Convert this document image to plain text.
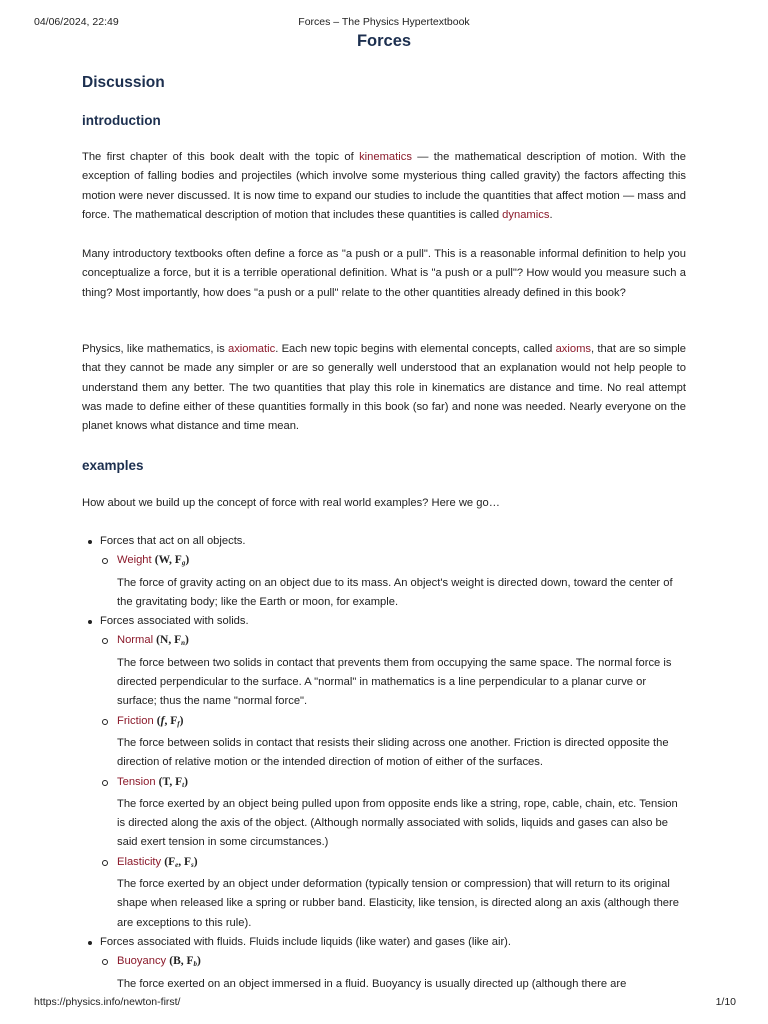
04/06/2024, 22:49	Forces – The Physics Hypertextbook
Forces
Discussion
introduction

The first chapter of this book dealt with the topic of kinematics — the mathematical description of motion. With the exception of falling bodies and projectiles (which involve some mysterious thing called gravity) the factors affecting this motion were never discussed. It is now time to expand our studies to include the quantities that affect motion — mass and force. The mathematical description of motion that includes these quantities is called dynamics.

Many introductory textbooks often define a force as "a push or a pull". This is a reasonable informal definition to help you conceptualize a force, but it is a terrible operational definition. What is "a push or a pull"? How would you measure such a thing? Most importantly, how does "a push or a pull" relate to the other quantities already defined in this book?

Physics, like mathematics, is axiomatic. Each new topic begins with elemental concepts, called axioms, that are so simple that they cannot be made any simpler or are so generally well understood that an explanation would not help people to understand them any better. The two quantities that play this role in kinematics are distance and time. No real attempt was made to define either of these quantities formally in this book (so far) and none was needed. Nearly everyone on the planet knows what distance and time mean.

examples

How about we build up the concept of force with real world examples? Here we go…

Forces that act on all objects.
Weight (W, $F_g$)
The force of gravity acting on an object due to its mass. An object's weight is directed down, toward the center of the gravitating body; like the Earth or moon, for example.
Forces associated with solids.
Normal (N, $F_n$)
The force between two solids in contact that prevents them from occupying the same space. The normal force is directed perpendicular to the surface. A "normal" in mathematics is a line perpendicular to a planar curve or surface; thus the name "normal force".
Friction (f, $F_f$)
The force between solids in contact that resists their sliding across one another. Friction is directed opposite the direction of relative motion or the intended direction of motion of either of the surfaces.
Tension (T, $F_t$)
The force exerted by an object being pulled upon from opposite ends like a string, rope, cable, chain, etc. Tension is directed along the axis of the object. (Although normally associated with solids, liquids and gases can also be said exert tension in some circumstances.)
Elasticity ($F_e$, $F_s$)
The force exerted by an object under deformation (typically tension or compression) that will return to its original shape when released like a spring or rubber band. Elasticity, like tension, is directed along an axis (although there are exceptions to this rule).
Forces associated with fluids. Fluids include liquids (like water) and gases (like air).
Buoyancy (B, $F_b$)
The force exerted on an object immersed in a fluid. Buoyancy is usually directed up (although there are
https://physics.info/newton-first/	1/10
